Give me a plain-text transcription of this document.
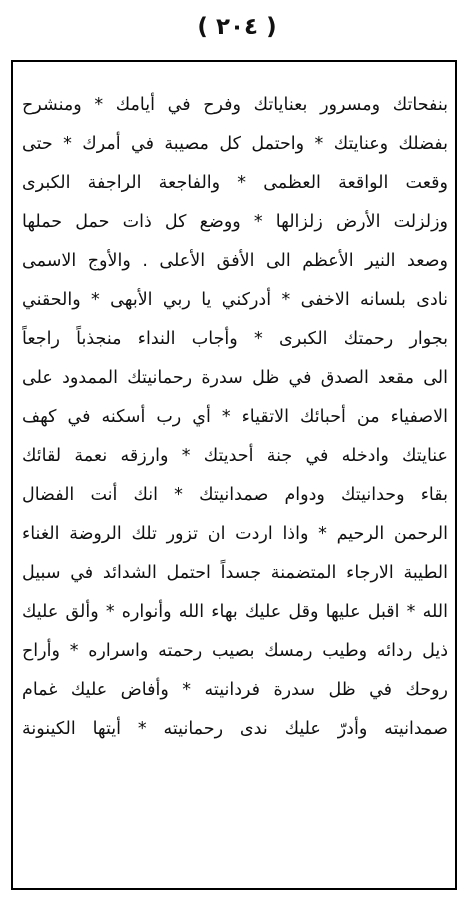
( ٢٠٤ )
بنفحاتك ومسرور بعناياتك وفرح في أيامك * ومنشرح
بفضلك وعنايتك * واحتمل كل مصيبة في أمرك * حتى
وقعت الواقعة العظمى * والفاجعة الراجفة الكبرى
وزلزلت الأرض زلزالها * ووضع كل ذات حمل حملها
وصعد النير الأعظم الى الأفق الأعلى . والأوج الاسمى
نادى بلسانه الاخفى * أدركني يا ربي الأبهى * والحقني
بجوار رحمتك الكبرى * وأجاب النداء منجذباً راجعاً
الى مقعد الصدق في ظل سدرة رحمانيتك الممدود على
الاصفياء من أحبائك الاتقياء * أي رب أسكنه في كهف
عنايتك وادخله في جنة أحديتك * وارزقه نعمة لقائك
بقاء وحدانيتك ودوام صمدانيتك * انك أنت الفضال
الرحمن الرحيم * واذا اردت ان تزور تلك الروضة الغناء
الطيبة الارجاء المتضمنة جسداً احتمل الشدائد في سبيل
الله * اقبل عليها وقل عليك بهاء الله وأنواره * وألق عليك
ذيل ردائه وطيب رمسك بصيب رحمته واسراره * وأراح
روحك في ظل سدرة فردانيته * وأفاض عليك غمام
صمدانيته وأدرّ عليك ندى رحمانيته * أيتها الكينونة
